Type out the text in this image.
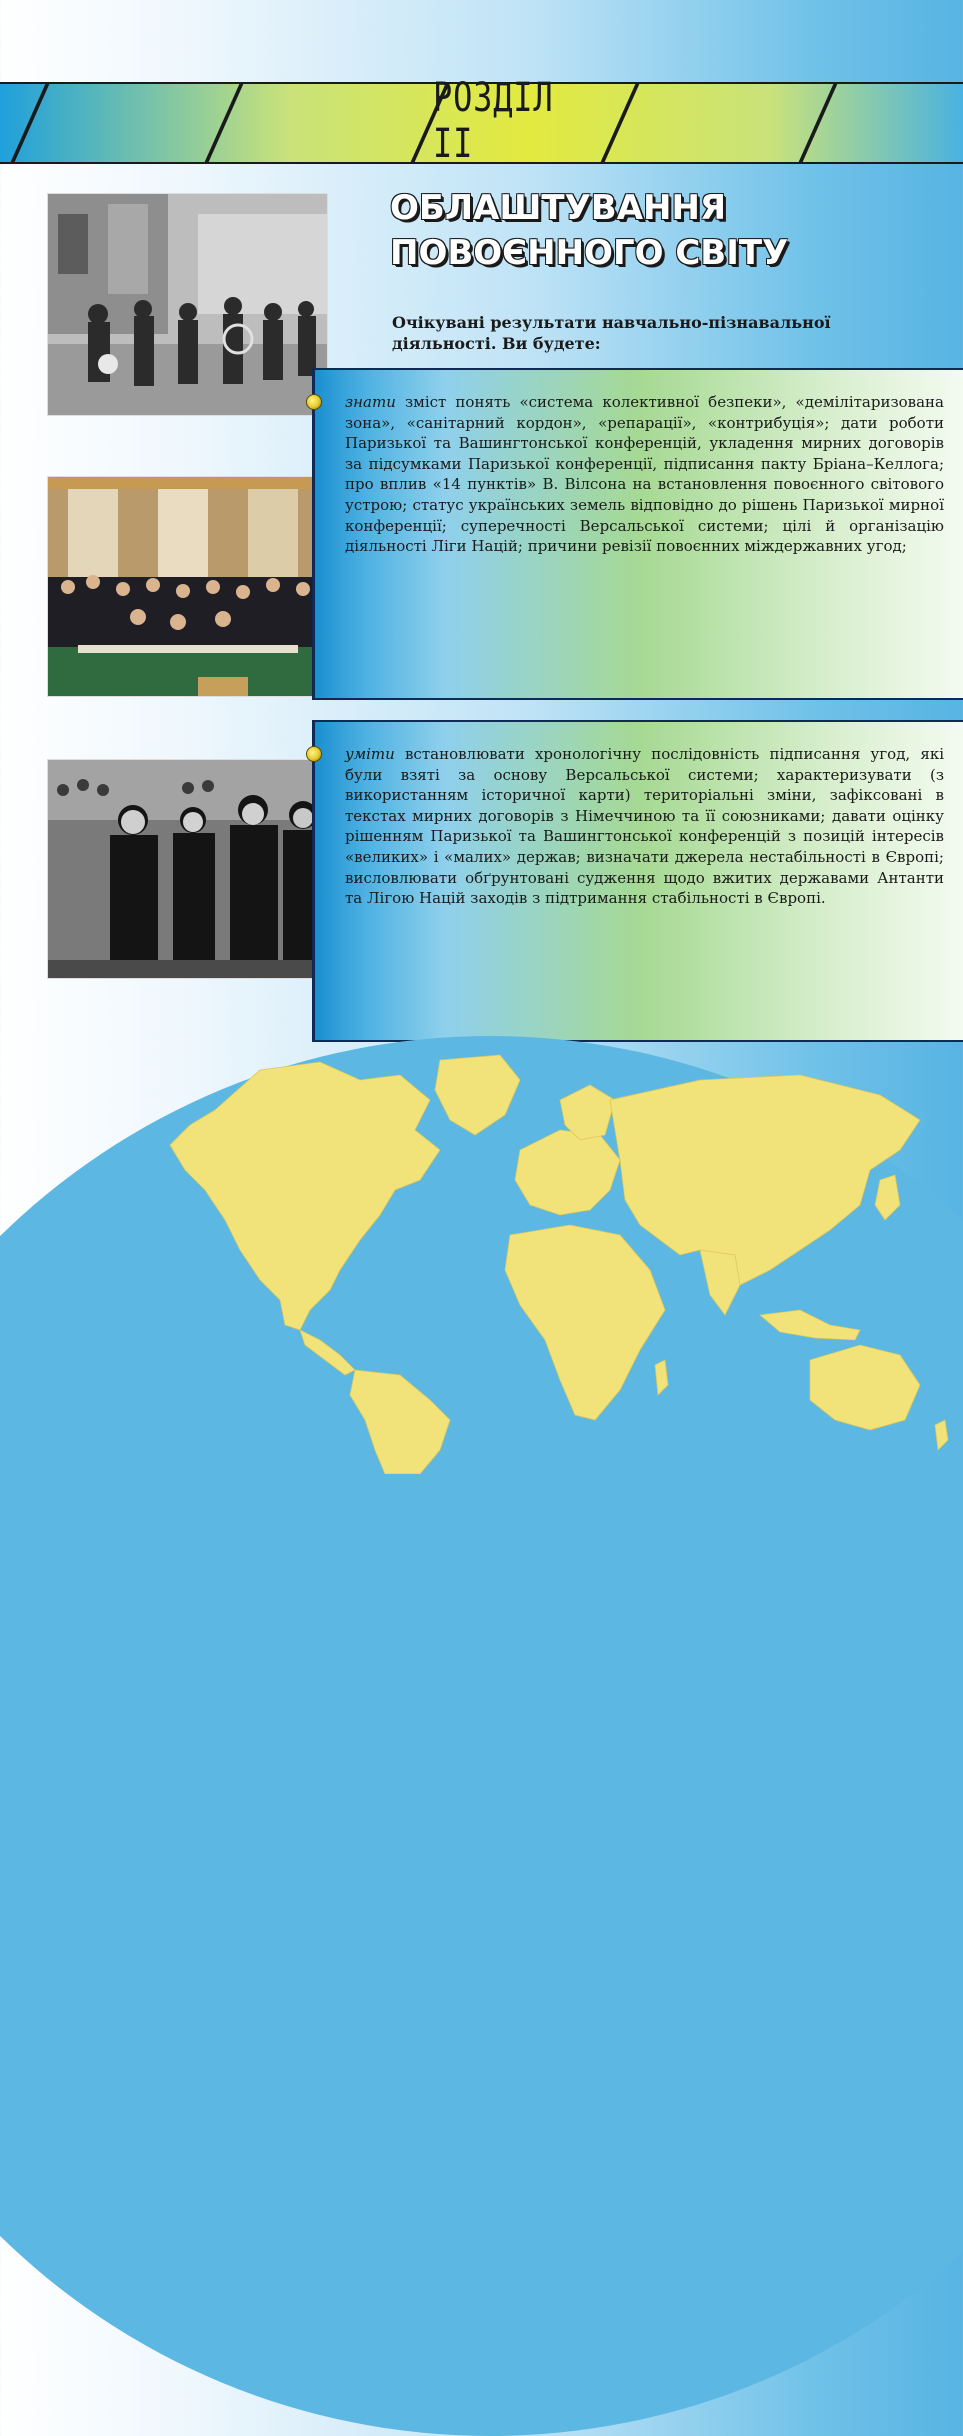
РОЗДІЛ II
ОБЛАШТУВАННЯ
ПОВОЄННОГО СВІТУ
Очікувані результати навчально-пізнавальної діяльності. Ви будете:
знати зміст понять «система колективної безпеки», «демілітаризована зона», «санітарний кордон», «репарації», «контрибуція»; дати роботи Паризької та Вашингтонської конференцій, укладення мирних договорів за підсумками Паризької конференції, підписання пакту Бріана–Келлога; про вплив «14 пунктів» В. Вілсона на встановлення повоєнного світового устрою; статус українських земель відповідно до рішень Паризької мирної конференції; суперечності Версальської системи; цілі й організацію діяльності Ліги Націй; причини ревізії повоєнних міждержавних угод;
уміти встановлювати хронологічну послідовність підписання угод, які були взяті за основу Версальської системи; характеризувати (з використанням історичної карти) територіальні зміни, зафіксовані в текстах мирних договорів з Німеччиною та її союзниками; давати оцінку рішенням Паризької та Вашингтонської конференцій з позицій інтересів «великих» і «малих» держав; визначати джерела нестабільності в Європі; висловлювати обґрунтовані судження щодо вжитих державами Антанти та Лігою Націй заходів з підтримання стабільності в Європі.
